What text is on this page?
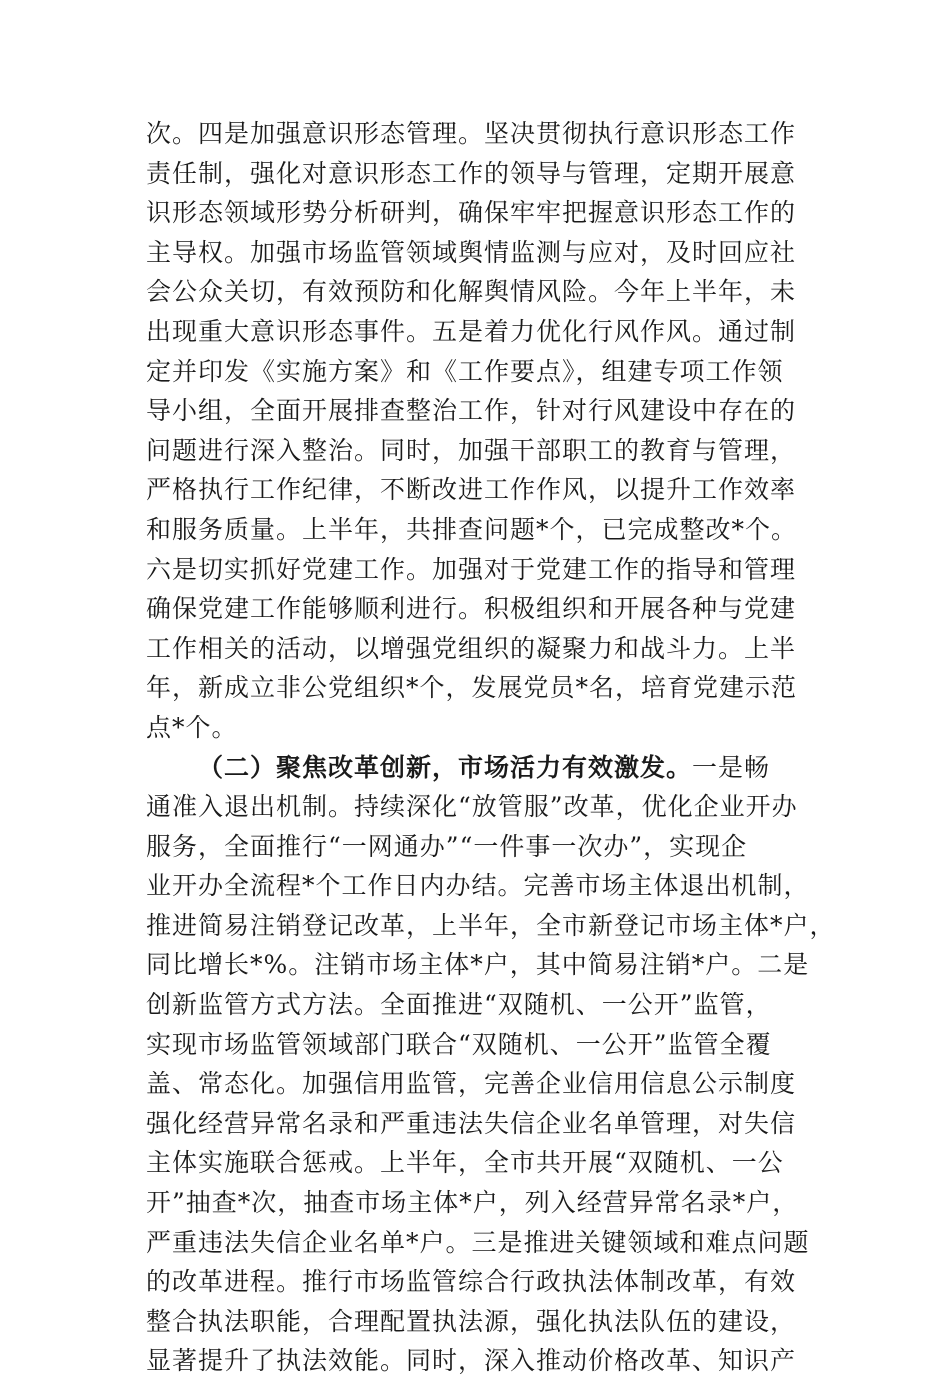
次。四是加强意识形态管理。坚决贯彻执行意识形态工作
责任制，强化对意识形态工作的领导与管理，定期开展意
识形态领域形势分析研判，确保牢牢把握意识形态工作的
主导权。加强市场监管领域舆情监测与应对，及时回应社
会公众关切，有效预防和化解舆情风险。今年上半年，未
出现重大意识形态事件。五是着力优化行风作风。通过制
定并印发《实施方案》和《工作要点》，组建专项工作领
导小组，全面开展排查整治工作，针对行风建设中存在的
问题进行深入整治。同时，加强干部职工的教育与管理，
严格执行工作纪律，不断改进工作作风，以提升工作效率
和服务质量。上半年，共排查问题*个，已完成整改*个。
六是切实抓好党建工作。加强对于党建工作的指导和管理
确保党建工作能够顺利进行。积极组织和开展各种与党建
工作相关的活动，以增强党组织的凝聚力和战斗力。上半
年，新成立非公党组织*个，发展党员*名，培育党建示范
点*个。
（二）聚焦改革创新，市场活力有效激发。一是畅
通准入退出机制。持续深化“放管服”改革，优化企业开办
服务，全面推行“一网通办”“一件事一次办”，实现企
业开办全流程*个工作日内办结。完善市场主体退出机制，
推进简易注销登记改革，上半年，全市新登记市场主体*户，
同比增长*%。注销市场主体*户，其中简易注销*户。二是
创新监管方式方法。全面推进“双随机、一公开”监管，
实现市场监管领域部门联合“双随机、一公开”监管全覆
盖、常态化。加强信用监管，完善企业信用信息公示制度
强化经营异常名录和严重违法失信企业名单管理，对失信
主体实施联合惩戒。上半年，全市共开展“双随机、一公
开”抽查*次，抽查市场主体*户，列入经营异常名录*户，
严重违法失信企业名单*户。三是推进关键领域和难点问题
的改革进程。推行市场监管综合行政执法体制改革，有效
整合执法职能，合理配置执法源，强化执法队伍的建设，
显著提升了执法效能。同时，深入推动价格改革、知识产
